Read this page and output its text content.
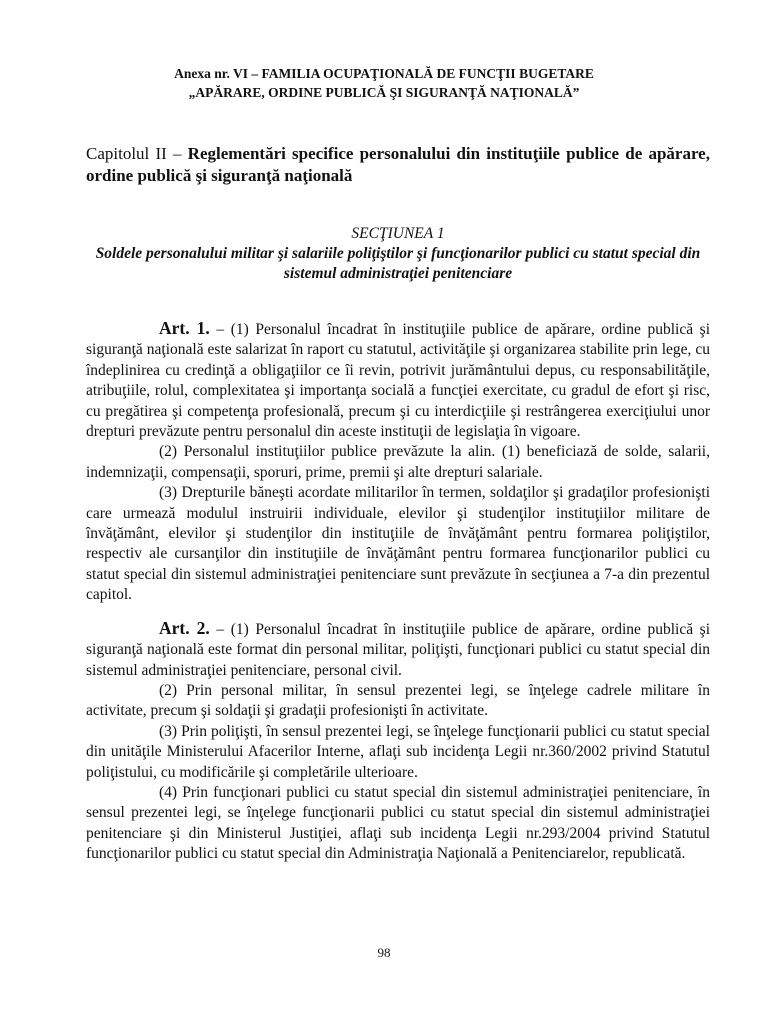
Anexa nr. VI – FAMILIA OCUPAŢIONALĂ DE FUNCŢII BUGETARE
„APĂRARE, ORDINE PUBLICĂ ŞI SIGURANŢĂ NAŢIONALĂ”
Capitolul II – Reglementări specifice personalului din instituţiile publice de apărare, ordine publică şi siguranţă naţională
SECŢIUNEA 1
Soldele personalului militar şi salariile poliţiştilor şi funcţionarilor publici cu statut special din sistemul administraţiei penitenciare

Art. 1. – (1) Personalul încadrat în instituţiile publice de apărare, ordine publică şi siguranţă naţională este salarizat în raport cu statutul, activităţile şi organizarea stabilite prin lege, cu îndeplinirea cu credinţă a obligaţiilor ce îi revin, potrivit jurământului depus, cu responsabilităţile, atribuţiile, rolul, complexitatea şi importanţa socială a funcţiei exercitate, cu gradul de efort şi risc, cu pregătirea şi competenţa profesională, precum şi cu interdicţiile şi restrângerea exerciţiului unor drepturi prevăzute pentru personalul din aceste instituţii de legislaţia în vigoare.

(2) Personalul instituţiilor publice prevăzute la alin. (1) beneficiază de solde, salarii, indemnizaţii, compensaţii, sporuri, prime, premii şi alte drepturi salariale.

(3) Drepturile băneşti acordate militarilor în termen, soldaţilor şi gradaţilor profesionişti care urmează modulul instruirii individuale, elevilor şi studenţilor instituţiilor militare de învăţământ, elevilor şi studenţilor din instituţiile de învăţământ pentru formarea poliţiştilor, respectiv ale cursanţilor din instituţiile de învăţământ pentru formarea funcţionarilor publici cu statut special din sistemul administraţiei penitenciare sunt prevăzute în secţiunea a 7-a din prezentul capitol.

Art. 2. – (1) Personalul încadrat în instituţiile publice de apărare, ordine publică şi siguranţă naţională este format din personal militar, poliţişti, funcţionari publici cu statut special din sistemul administraţiei penitenciare, personal civil.

(2) Prin personal militar, în sensul prezentei legi, se înţelege cadrele militare în activitate, precum şi soldaţii şi gradaţii profesionişti în activitate.

(3) Prin poliţişti, în sensul prezentei legi, se înţelege funcţionarii publici cu statut special din unităţile Ministerului Afacerilor Interne, aflaţi sub incidenţa Legii nr.360/2002 privind Statutul poliţistului, cu modificările şi completările ulterioare.

(4) Prin funcţionari publici cu statut special din sistemul administraţiei penitenciare, în sensul prezentei legi, se înţelege funcţionarii publici cu statut special din sistemul administraţiei penitenciare şi din Ministerul Justiţiei, aflaţi sub incidenţa Legii nr.293/2004 privind Statutul funcţionarilor publici cu statut special din Administraţia Naţională a Penitenciarelor, republicată.

98
